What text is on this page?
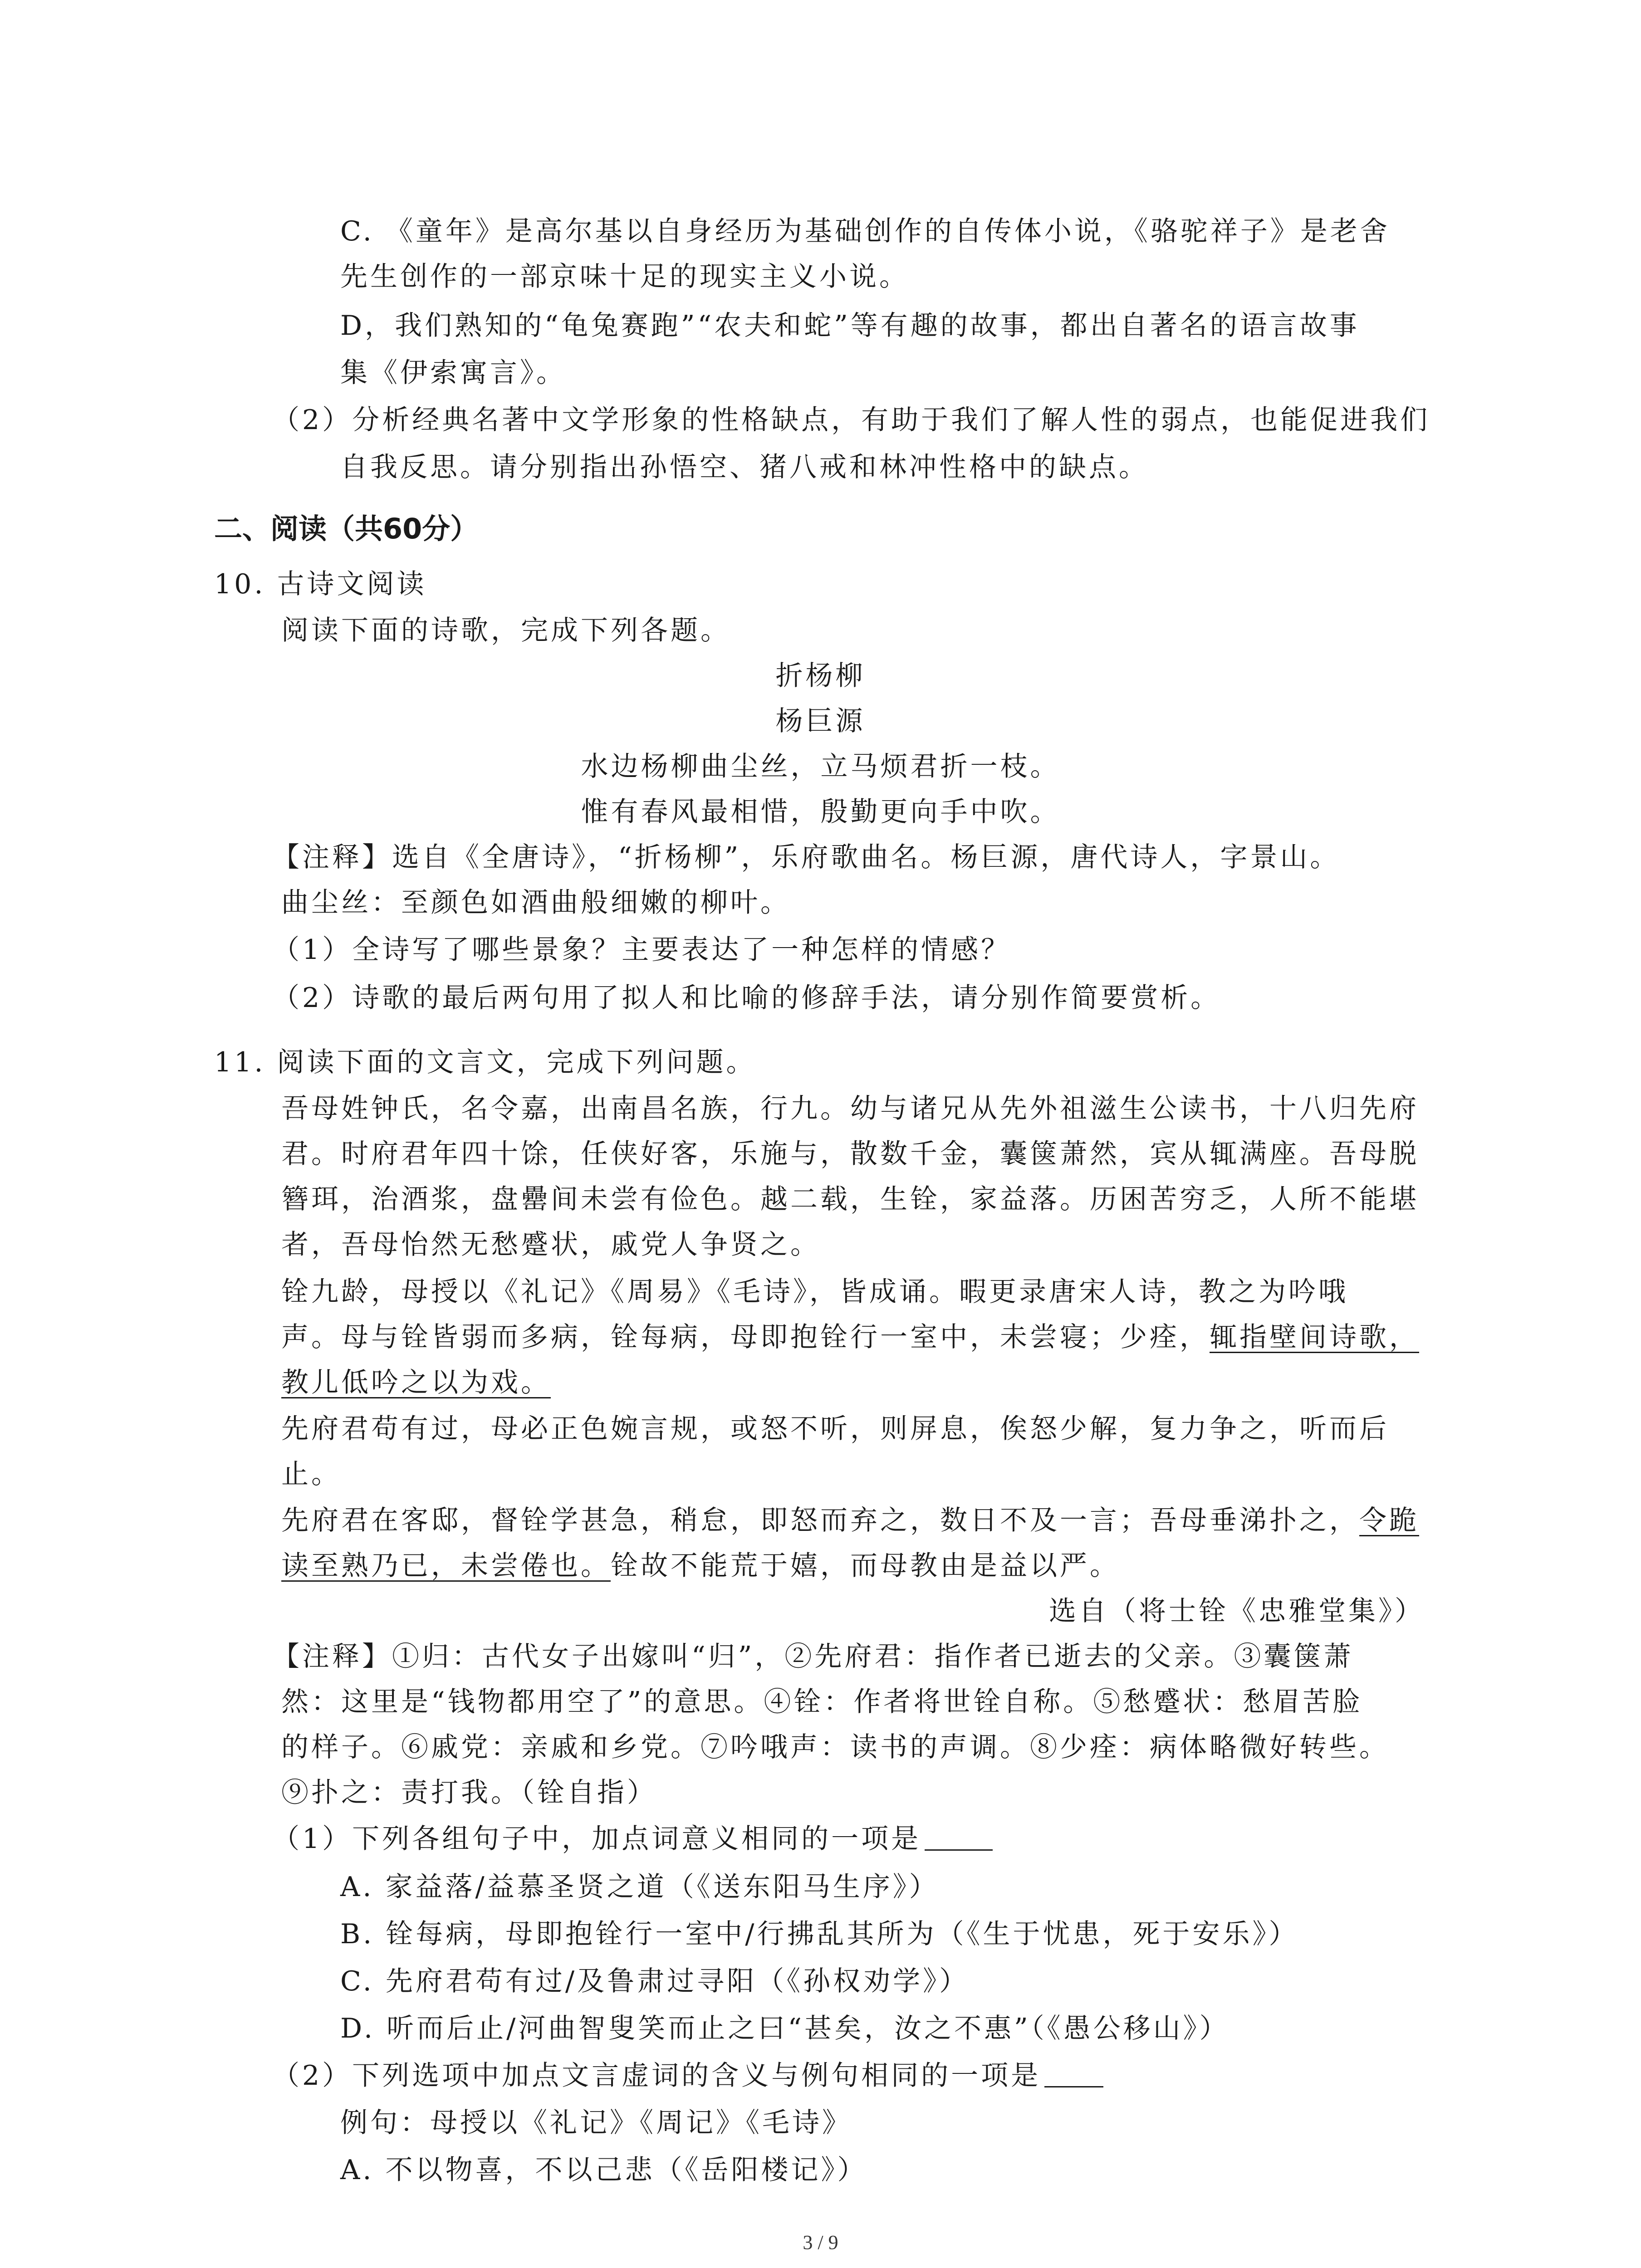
C. 《童年》是高尔基以自身经历为基础创作的自传体小说，《骆驼祥子》是老舍

先生创作的一部京味十足的现实主义小说。

D，我们熟知的“龟兔赛跑”“农夫和蛇”等有趣的故事，都出自著名的语言故事

集《伊索寓言》。

（2）分析经典名著中文学形象的性格缺点，有助于我们了解人性的弱点，也能促进我们

自我反思。请分别指出孙悟空、猪八戒和林冲性格中的缺点。

二、阅读（共60分）

10. 古诗文阅读

阅读下面的诗歌，完成下列各题。

折杨柳

杨巨源

水边杨柳曲尘丝，立马烦君折一枝。

惟有春风最相惜，殷勤更向手中吹。

【注释】选自《全唐诗》，“折杨柳”，乐府歌曲名。杨巨源，唐代诗人，字景山。

曲尘丝：至颜色如酒曲般细嫩的柳叶。

（1）全诗写了哪些景象？主要表达了一种怎样的情感？

（2）诗歌的最后两句用了拟人和比喻的修辞手法，请分别作简要赏析。

11. 阅读下面的文言文，完成下列问题。

吾母姓钟氏，名令嘉，出南昌名族，行九。幼与诸兄从先外祖滋生公读书，十八归先府

君。时府君年四十馀，任侠好客，乐施与，散数千金，囊箧萧然，宾从辄满座。吾母脱

簪珥，治酒浆，盘罍间未尝有俭色。越二载，生铨，家益落。历困苦穷乏，人所不能堪

者，吾母怡然无愁蹙状，戚党人争贤之。

铨九龄，母授以《礼记》《周易》《毛诗》，皆成诵。暇更录唐宋人诗，教之为吟哦

声。母与铨皆弱而多病，铨每病，母即抱铨行一室中，未尝寝；少痊，辄指壁间诗歌，

教儿低吟之以为戏。

先府君苟有过，母必正色婉言规，或怒不听，则屏息，俟怒少解，复力争之，听而后

止。

先府君在客邸，督铨学甚急，稍怠，即怒而弃之，数日不及一言；吾母垂涕扑之，令跪

读至熟乃已，未尝倦也。铨故不能荒于嬉，而母教由是益以严。

选自（将士铨《忠雅堂集》）

【注释】①归：古代女子出嫁叫“归”，②先府君：指作者已逝去的父亲。③囊箧萧

然：这里是“钱物都用空了”的意思。④铨：作者将世铨自称。⑤愁蹙状：愁眉苦脸

的样子。⑥戚党：亲戚和乡党。⑦吟哦声：读书的声调。⑧少痊：病体略微好转些。

⑨扑之：责打我。（铨自指）

（1）下列各组句子中，加点词意义相同的一项是

A. 家益落/益慕圣贤之道（《送东阳马生序》）

B. 铨每病，母即抱铨行一室中/行拂乱其所为（《生于忧患，死于安乐》）

C. 先府君苟有过/及鲁肃过寻阳（《孙权劝学》）

D. 听而后止/河曲智叟笑而止之曰“甚矣，汝之不惠”（《愚公移山》）

（2）下列选项中加点文言虚词的含义与例句相同的一项是

例句：母授以《礼记》《周记》《毛诗》

A. 不以物喜，不以己悲（《岳阳楼记》）

3 / 9
